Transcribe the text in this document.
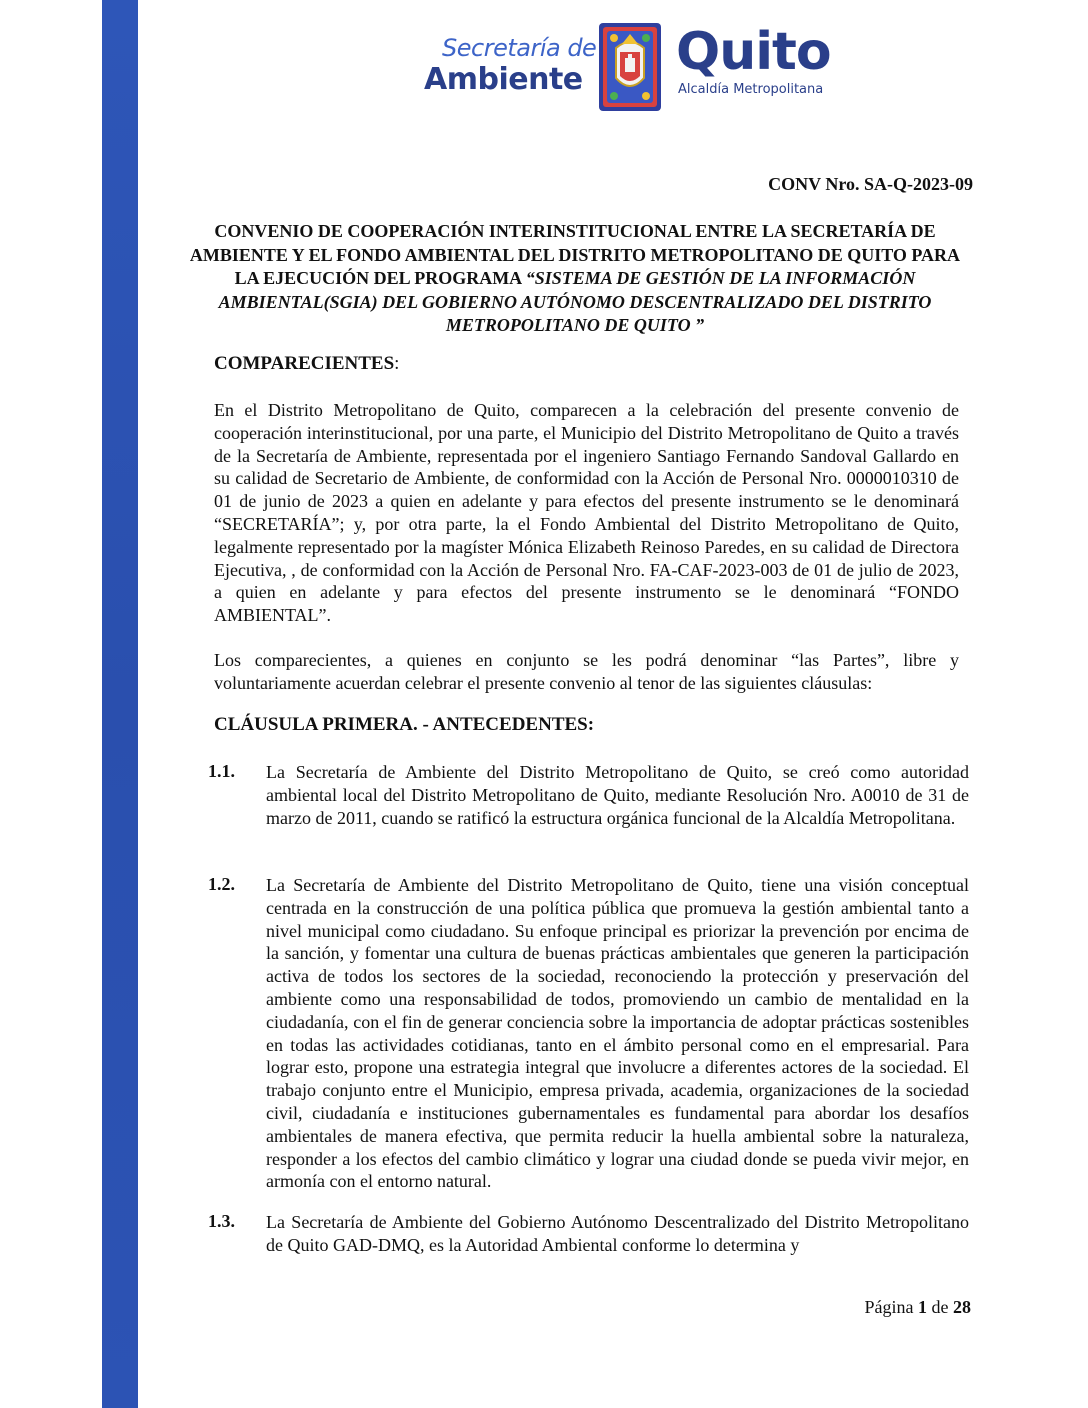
Secretaría de
Ambiente Quito
Alcaldía Metropolitana
CONV Nro. SA-Q-2023-09
CONVENIO DE COOPERACIÓN INTERINSTITUCIONAL ENTRE LA SECRETARÍA DE AMBIENTE Y EL FONDO AMBIENTAL DEL DISTRITO METROPOLITANO DE QUITO PARA LA EJECUCIÓN DEL PROGRAMA “SISTEMA DE GESTIÓN DE LA INFORMACIÓN AMBIENTAL(SGIA) DEL GOBIERNO AUTÓNOMO DESCENTRALIZADO DEL DISTRITO METROPOLITANO DE QUITO ”
COMPARECIENTES:

En el Distrito Metropolitano de Quito, comparecen a la celebración del presente convenio de cooperación interinstitucional, por una parte, el Municipio del Distrito Metropolitano de Quito a través de la Secretaría de Ambiente, representada por el ingeniero Santiago Fernando Sandoval Gallardo en su calidad de Secretario de Ambiente, de conformidad con la Acción de Personal Nro. 0000010310 de 01 de junio de 2023 a quien en adelante y para efectos del presente instrumento se le denominará “SECRETARÍA”; y, por otra parte, la el Fondo Ambiental del Distrito Metropolitano de Quito, legalmente representado por la magíster Mónica Elizabeth Reinoso Paredes, en su calidad de Directora Ejecutiva, , de conformidad con la Acción de Personal Nro. FA-CAF-2023-003 de 01 de julio de 2023, a quien en adelante y para efectos del presente instrumento se le denominará “FONDO AMBIENTAL”.

Los comparecientes, a quienes en conjunto se les podrá denominar “las Partes”, libre y voluntariamente acuerdan celebrar el presente convenio al tenor de las siguientes cláusulas:

CLÁUSULA PRIMERA. - ANTECEDENTES:
1.1. La Secretaría de Ambiente del Distrito Metropolitano de Quito, se creó como autoridad ambiental local del Distrito Metropolitano de Quito, mediante Resolución Nro. A0010 de 31 de marzo de 2011, cuando se ratificó la estructura orgánica funcional de la Alcaldía Metropolitana.

1.2. La Secretaría de Ambiente del Distrito Metropolitano de Quito, tiene una visión conceptual centrada en la construcción de una política pública que promueva la gestión ambiental tanto a nivel municipal como ciudadano. Su enfoque principal es priorizar la prevención por encima de la sanción, y fomentar una cultura de buenas prácticas ambientales que generen la participación activa de todos los sectores de la sociedad, reconociendo la protección y preservación del ambiente como una responsabilidad de todos, promoviendo un cambio de mentalidad en la ciudadanía, con el fin de generar conciencia sobre la importancia de adoptar prácticas sostenibles en todas las actividades cotidianas, tanto en el ámbito personal como en el empresarial. Para lograr esto, propone una estrategia integral que involucre a diferentes actores de la sociedad. El trabajo conjunto entre el Municipio, empresa privada, academia, organizaciones de la sociedad civil, ciudadanía e instituciones gubernamentales es fundamental para abordar los desafíos ambientales de manera efectiva, que permita reducir la huella ambiental sobre la naturaleza, responder a los efectos del cambio climático y lograr una ciudad donde se pueda vivir mejor, en armonía con el entorno natural.

1.3. La Secretaría de Ambiente del Gobierno Autónomo Descentralizado del Distrito Metropolitano de Quito GAD-DMQ, es la Autoridad Ambiental conforme lo determina y

Página 1 de 28
